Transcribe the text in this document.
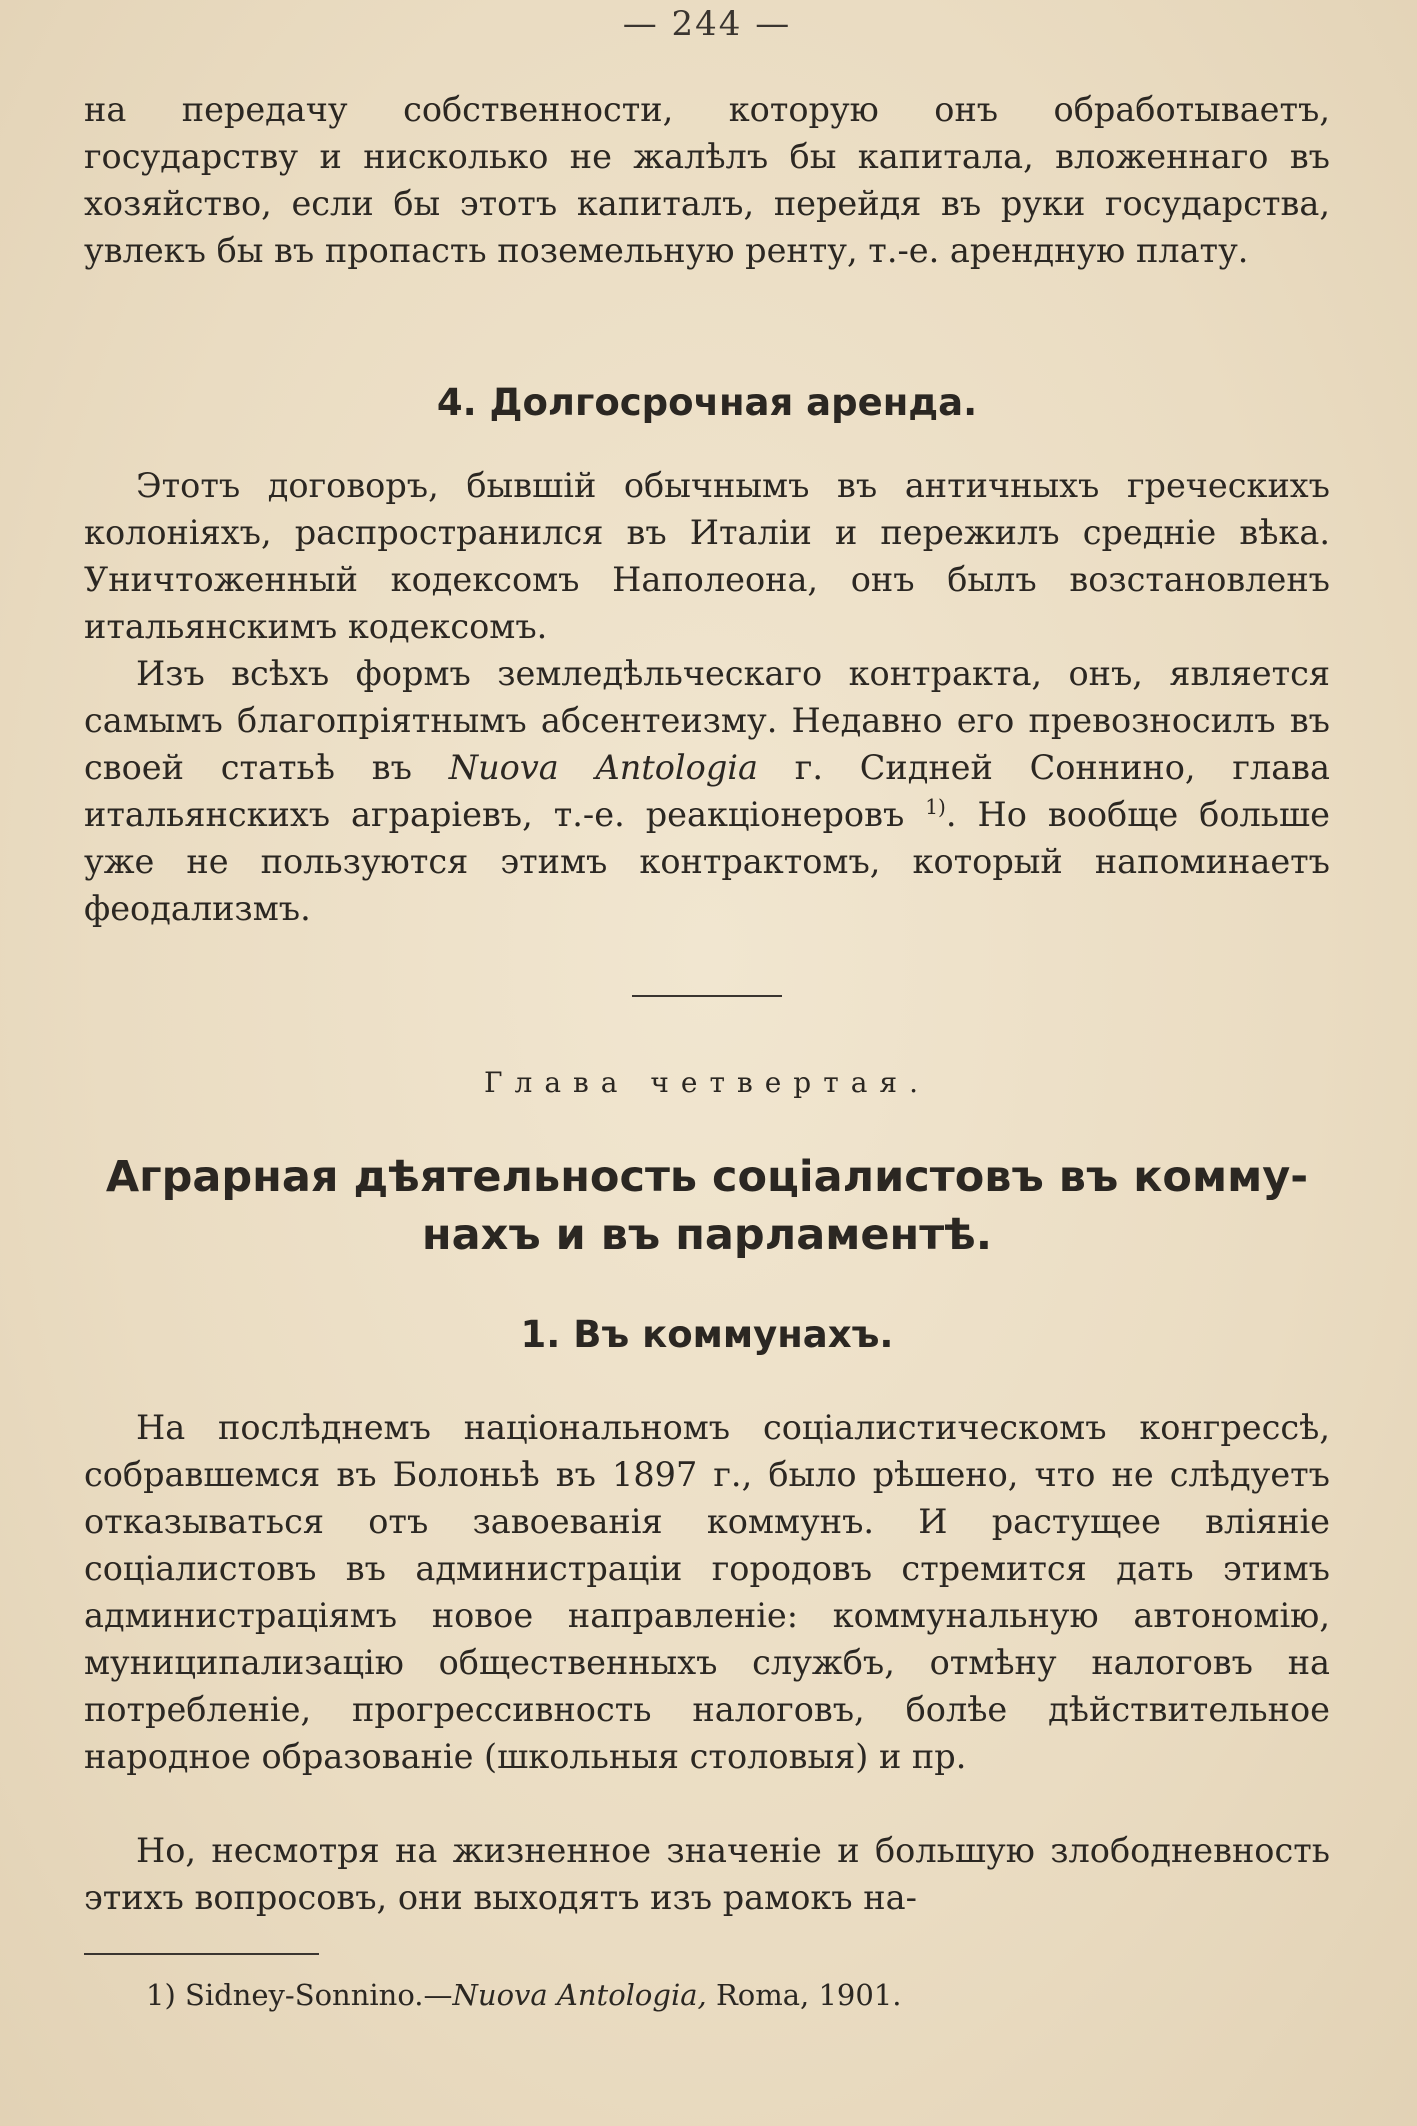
— 244 —

на передачу собственности, которую онъ обработываетъ, государству и нисколько не жалѣлъ бы капитала, вложеннаго въ хозяйство, если бы этотъ капиталъ, перейдя въ руки государства, увлекъ бы въ пропасть поземельную ренту, т.-е. арендную плату.

4. Долгосрочная аренда.

Этотъ договоръ, бывшій обычнымъ въ античныхъ греческихъ колоніяхъ, распространился въ Италіи и пережилъ средніе вѣка. Уничтоженный кодексомъ Наполеона, онъ былъ возстановленъ итальянскимъ кодексомъ.

Изъ всѣхъ формъ земледѣльческаго контракта, онъ, является самымъ благопріятнымъ абсентеизму. Недавно его превозносилъ въ своей статьѣ въ Nuova Antologia г. Сидней Соннино, глава итальянскихъ аграріевъ, т.-е. реакціонеровъ $^{1)}$. Но вообще больше уже не пользуются этимъ контрактомъ, который напоминаетъ феодализмъ.

Глава четвертая.
Аграрная дѣятельность соціалистовъ въ комму-
нахъ и въ парламентѣ.
1. Въ коммунахъ.

На послѣднемъ національномъ соціалистическомъ конгрессѣ, собравшемся въ Болоньѣ въ 1897 г., было рѣшено, что не слѣдуетъ отказываться отъ завоеванія коммунъ. И растущее вліяніе соціалистовъ въ администраціи городовъ стремится дать этимъ администраціямъ новое направленіе: коммунальную автономію, муниципализацію общественныхъ службъ, отмѣну налоговъ на потребленіе, прогрессивность налоговъ, болѣе дѣйствительное народное образованіе (школьныя столовыя) и пр.

Но, несмотря на жизненное значеніе и большую злободневность этихъ вопросовъ, они выходятъ изъ рамокъ на-

1) Sidney-Sonnino.—Nuova Antologia, Roma, 1901.
